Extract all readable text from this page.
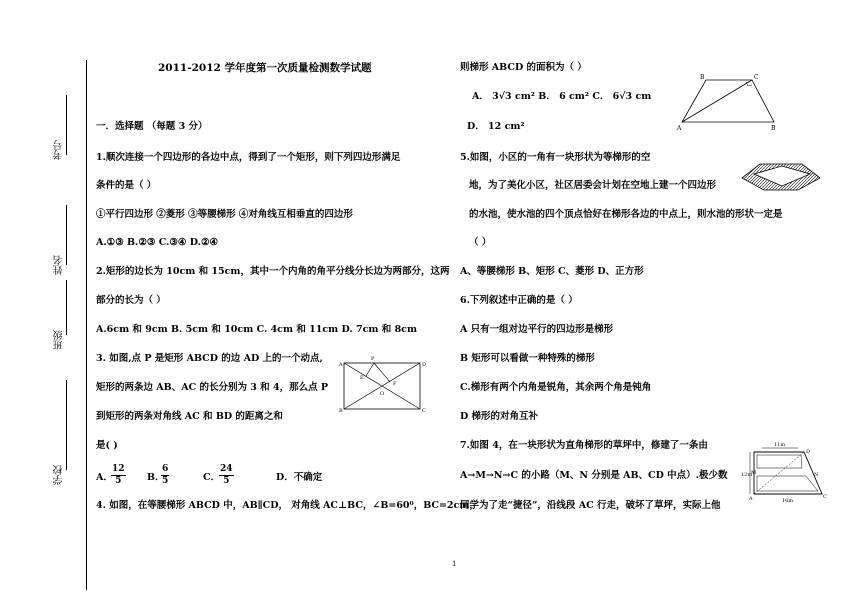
考号
姓名
班级
学校
2011-2012 学年度第一次质量检测数学试题
一．选择题 （每题 3 分）
1.顺次连接一个四边形的各边中点，得到了一个矩形，则下列四边形满足
条件的是（ ）
①平行四边形 ②菱形 ③等腰梯形 ④对角线互相垂直的四边形
A.①③ B.②③ C.③④ D.②④
2.矩形的边长为 10cm 和 15cm，其中一个内角的角平分线分长边为两部分，这两
部分的长为（ ）
A.6cm 和 9cm B. 5cm 和 10cm C. 4cm 和 11cm D. 7cm 和 8cm
3. 如图,点 P 是矩形 ABCD 的边 AD 上的一个动点,
矩形的两条边 AB、AC 的长分别为 3 和 4，那么点 P
到矩形的两条对角线 AC 和 BD 的距离之和
是( )
A．
$\frac{12}{5}$ B．
$\frac{6}{5}$	C．
$\frac{24}{5}$	D．不确定
4. 如图，在等腰梯形 ABCD 中，AB∥CD， 对角线 AC⊥BC，∠B=60⁰，BC=2cm，
P
A	D
E
F
O
B	C
则梯形 ABCD 的面积为（ ）
A． 3√3 cm² B． 6 cm² C． 6√3 cm
D． 12 cm²
B	C
A	B
5.如图，小区的一角有一块形状为等梯形的空
地，为了美化小区，社区居委会计划在空地上建一个四边形
的水池，使水池的四个顶点恰好在梯形各边的中点上，则水池的形状一定是
（ ）
A、等腰梯形 B、矩形 C、菱形 D、正方形
6.下列叙述中正确的是（ ）
A 只有一组对边平行的四边形是梯形
B 矩形可以看做一种特殊的梯形
C.梯形有两个内角是锐角，其余两个角是钝角
D 梯形的对角互补
7.如图 4，在一块形状为直角梯形的草坪中，修建了一条由
A→M→N→C 的小路（M、N 分别是 AB、CD 中点）.极少数
同学为了走“捷径”，沿线段 AC 行走，破坏了草坪，实际上他
11m
D
12m
M	N
A	16m
C
1
